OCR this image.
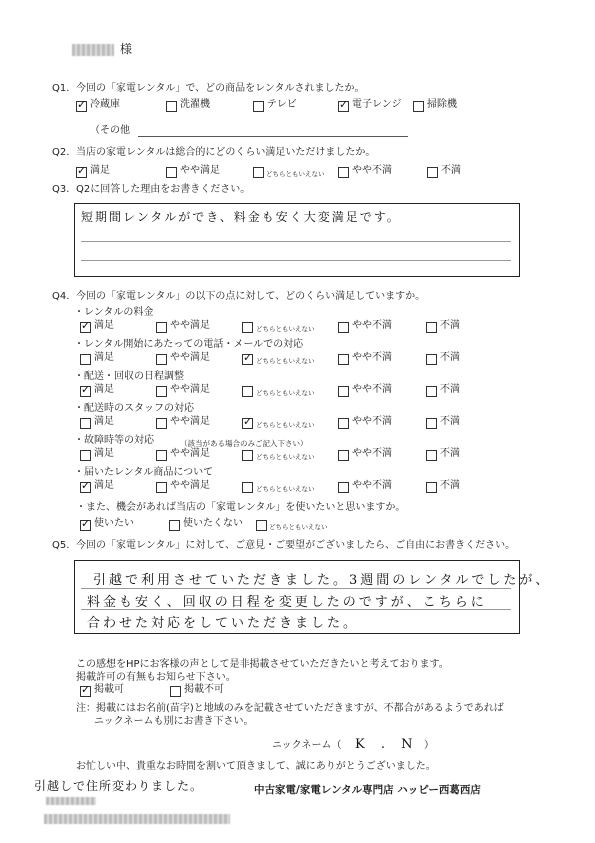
様
Q1. 今回の「家電レンタル」で、どの商品をレンタルされましたか。
✓ 冷蔵庫	洗濯機	テレビ	✓ 電子レンジ	掃除機
（その他
Q2. 当店の家電レンタルは総合的にどのくらい満足いただけましたか。
✓ 満足	やや満足	どちらともいえない	やや不満	不満
Q3. Q2に回答した理由をお書きください。
短期間レンタルができ、料金も安く大変満足です。
Q4. 今回の「家電レンタル」の以下の点に対して、どのくらい満足していますか。
・レンタルの料金
✓ 満足	やや満足	どちらともいえない	やや不満	不満
・レンタル開始にあたっての電話・メールでの対応
満足	やや満足	✓ どちらともいえない	やや不満	不満
・配送・回収の日程調整
✓ 満足	やや満足	どちらともいえない	やや不満	不満
・配送時のスタッフの対応
満足	やや満足	✓ どちらともいえない	やや不満	不満
・故障時等の対応	（該当がある場合のみご記入下さい）
満足	やや満足	どちらともいえない	やや不満	不満
・届いたレンタル商品について
✓ 満足	やや満足	どちらともいえない	やや不満	不満
・また、機会があれば当店の「家電レンタル」を使いたいと思いますか。
✓ 使いたい	使いたくない	どちらともいえない
Q5. 今回の「家電レンタル」に対して、ご意見・ご要望がございましたら、ご自由にお書きください。
引越で利用させていただきました。3週間のレンタルでしたが、
料金も安く、回収の日程を変更したのですが、こちらに
合わせた対応をしていただきました。
この感想をHPにお客様の声として是非掲載させていただきたいと考えております。
掲載許可の有無もお知らせ下さい。
✓ 掲載可	掲載不可
注：掲載にはお名前(苗字)と地域のみを記載させていただきますが、不都合があるようであれば
ニックネームも別にお書き下さい。
ニックネーム（ K . N ）
お忙しい中、貴重なお時間を割いて頂きまして、誠にありがとうございました。
引越しで住所変わりました。	中古家電/家電レンタル専門店 ハッピー西葛西店
